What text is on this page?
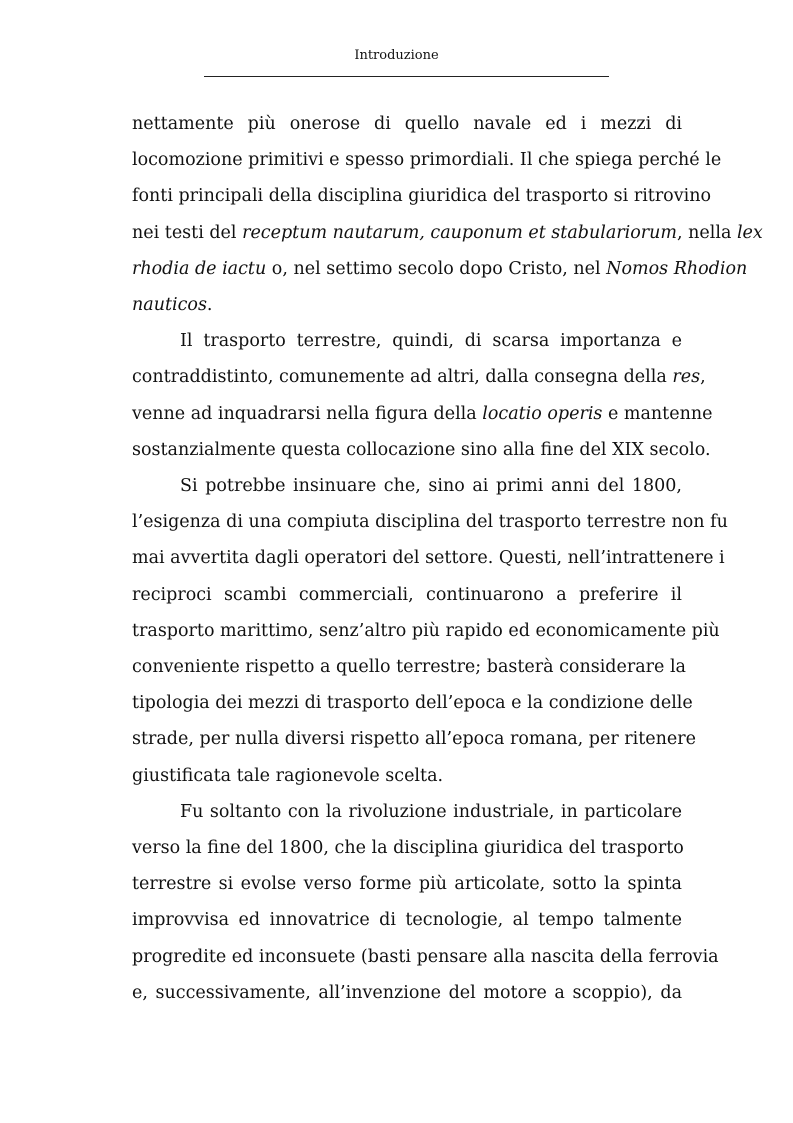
Introduzione

nettamente più onerose di quello navale ed i mezzi di
locomozione primitivi e spesso primordiali. Il che spiega perché le
fonti principali della disciplina giuridica del trasporto si ritrovino
nei testi del receptum nautarum, cauponum et stabulariorum, nella lex
rhodia de iactu o, nel settimo secolo dopo Cristo, nel Nomos Rhodion
nauticos.

Il trasporto terrestre, quindi, di scarsa importanza e
contraddistinto, comunemente ad altri, dalla consegna della res,
venne ad inquadrarsi nella figura della locatio operis e mantenne
sostanzialmente questa collocazione sino alla fine del XIX secolo.

Si potrebbe insinuare che, sino ai primi anni del 1800,
l’esigenza di una compiuta disciplina del trasporto terrestre non fu
mai avvertita dagli operatori del settore. Questi, nell’intrattenere i
reciproci scambi commerciali, continuarono a preferire il
trasporto marittimo, senz’altro più rapido ed economicamente più
conveniente rispetto a quello terrestre; basterà considerare la
tipologia dei mezzi di trasporto dell’epoca e la condizione delle
strade, per nulla diversi rispetto all’epoca romana, per ritenere
giustificata tale ragionevole scelta.

Fu soltanto con la rivoluzione industriale, in particolare
verso la fine del 1800, che la disciplina giuridica del trasporto
terrestre si evolse verso forme più articolate, sotto la spinta
improvvisa ed innovatrice di tecnologie, al tempo talmente
progredite ed inconsuete (basti pensare alla nascita della ferrovia
e, successivamente, all’invenzione del motore a scoppio), da
